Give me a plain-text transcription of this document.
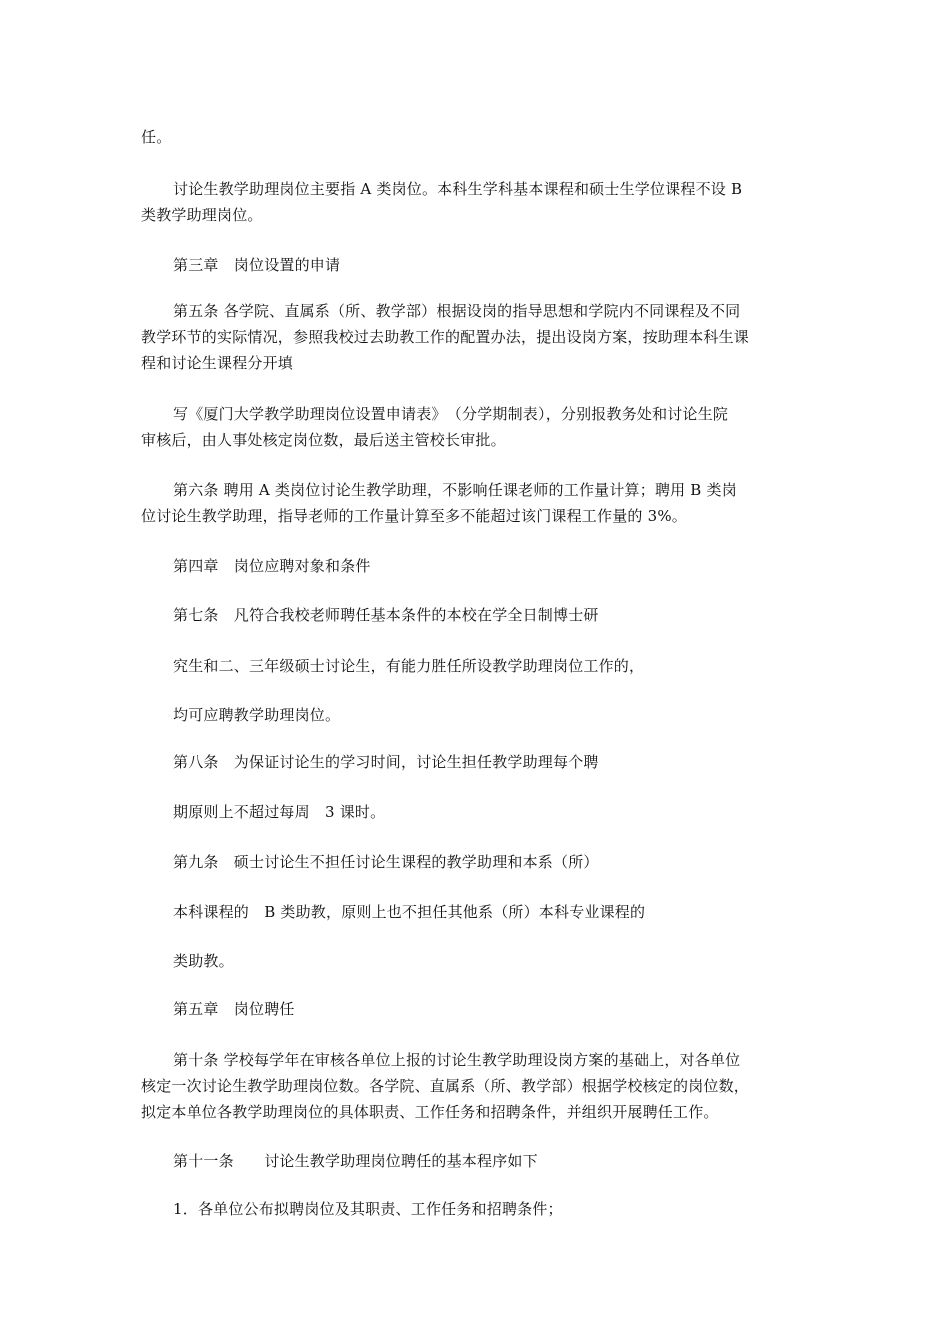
任。
讨论生教学助理岗位主要指 A 类岗位。本科生学科基本课程和硕士生学位课程不设 B
类教学助理岗位。
第三章　岗位设置的申请
第五条 各学院、直属系（所、教学部）根据设岗的指导思想和学院内不同课程及不同
教学环节的实际情况，参照我校过去助教工作的配置办法，提出设岗方案，按助理本科生课
程和讨论生课程分开填
写《厦门大学教学助理岗位设置申请表》　（分学期制表），分别报教务处和讨论生院
审核后，由人事处核定岗位数，最后送主管校长审批。
第六条 聘用 A 类岗位讨论生教学助理，不影响任课老师的工作量计算；聘用 B 类岗
位讨论生教学助理，指导老师的工作量计算至多不能超过该门课程工作量的 3%。
第四章　岗位应聘对象和条件
第七条　凡符合我校老师聘任基本条件的本校在学全日制博士研
究生和二、三年级硕士讨论生，有能力胜任所设教学助理岗位工作的，
均可应聘教学助理岗位。
第八条　为保证讨论生的学习时间，讨论生担任教学助理每个聘
期原则上不超过每周　3 课时。
第九条　硕士讨论生不担任讨论生课程的教学助理和本系（所）
本科课程的　B 类助教，原则上也不担任其他系（所）本科专业课程的
类助教。
第五章　岗位聘任
第十条 学校每学年在审核各单位上报的讨论生教学助理设岗方案的基础上，对各单位
核定一次讨论生教学助理岗位数。各学院、直属系（所、教学部）根据学校核定的岗位数，
拟定本单位各教学助理岗位的具体职责、工作任务和招聘条件，并组织开展聘任工作。
第十一条　　讨论生教学助理岗位聘任的基本程序如下
1．各单位公布拟聘岗位及其职责、工作任务和招聘条件；
